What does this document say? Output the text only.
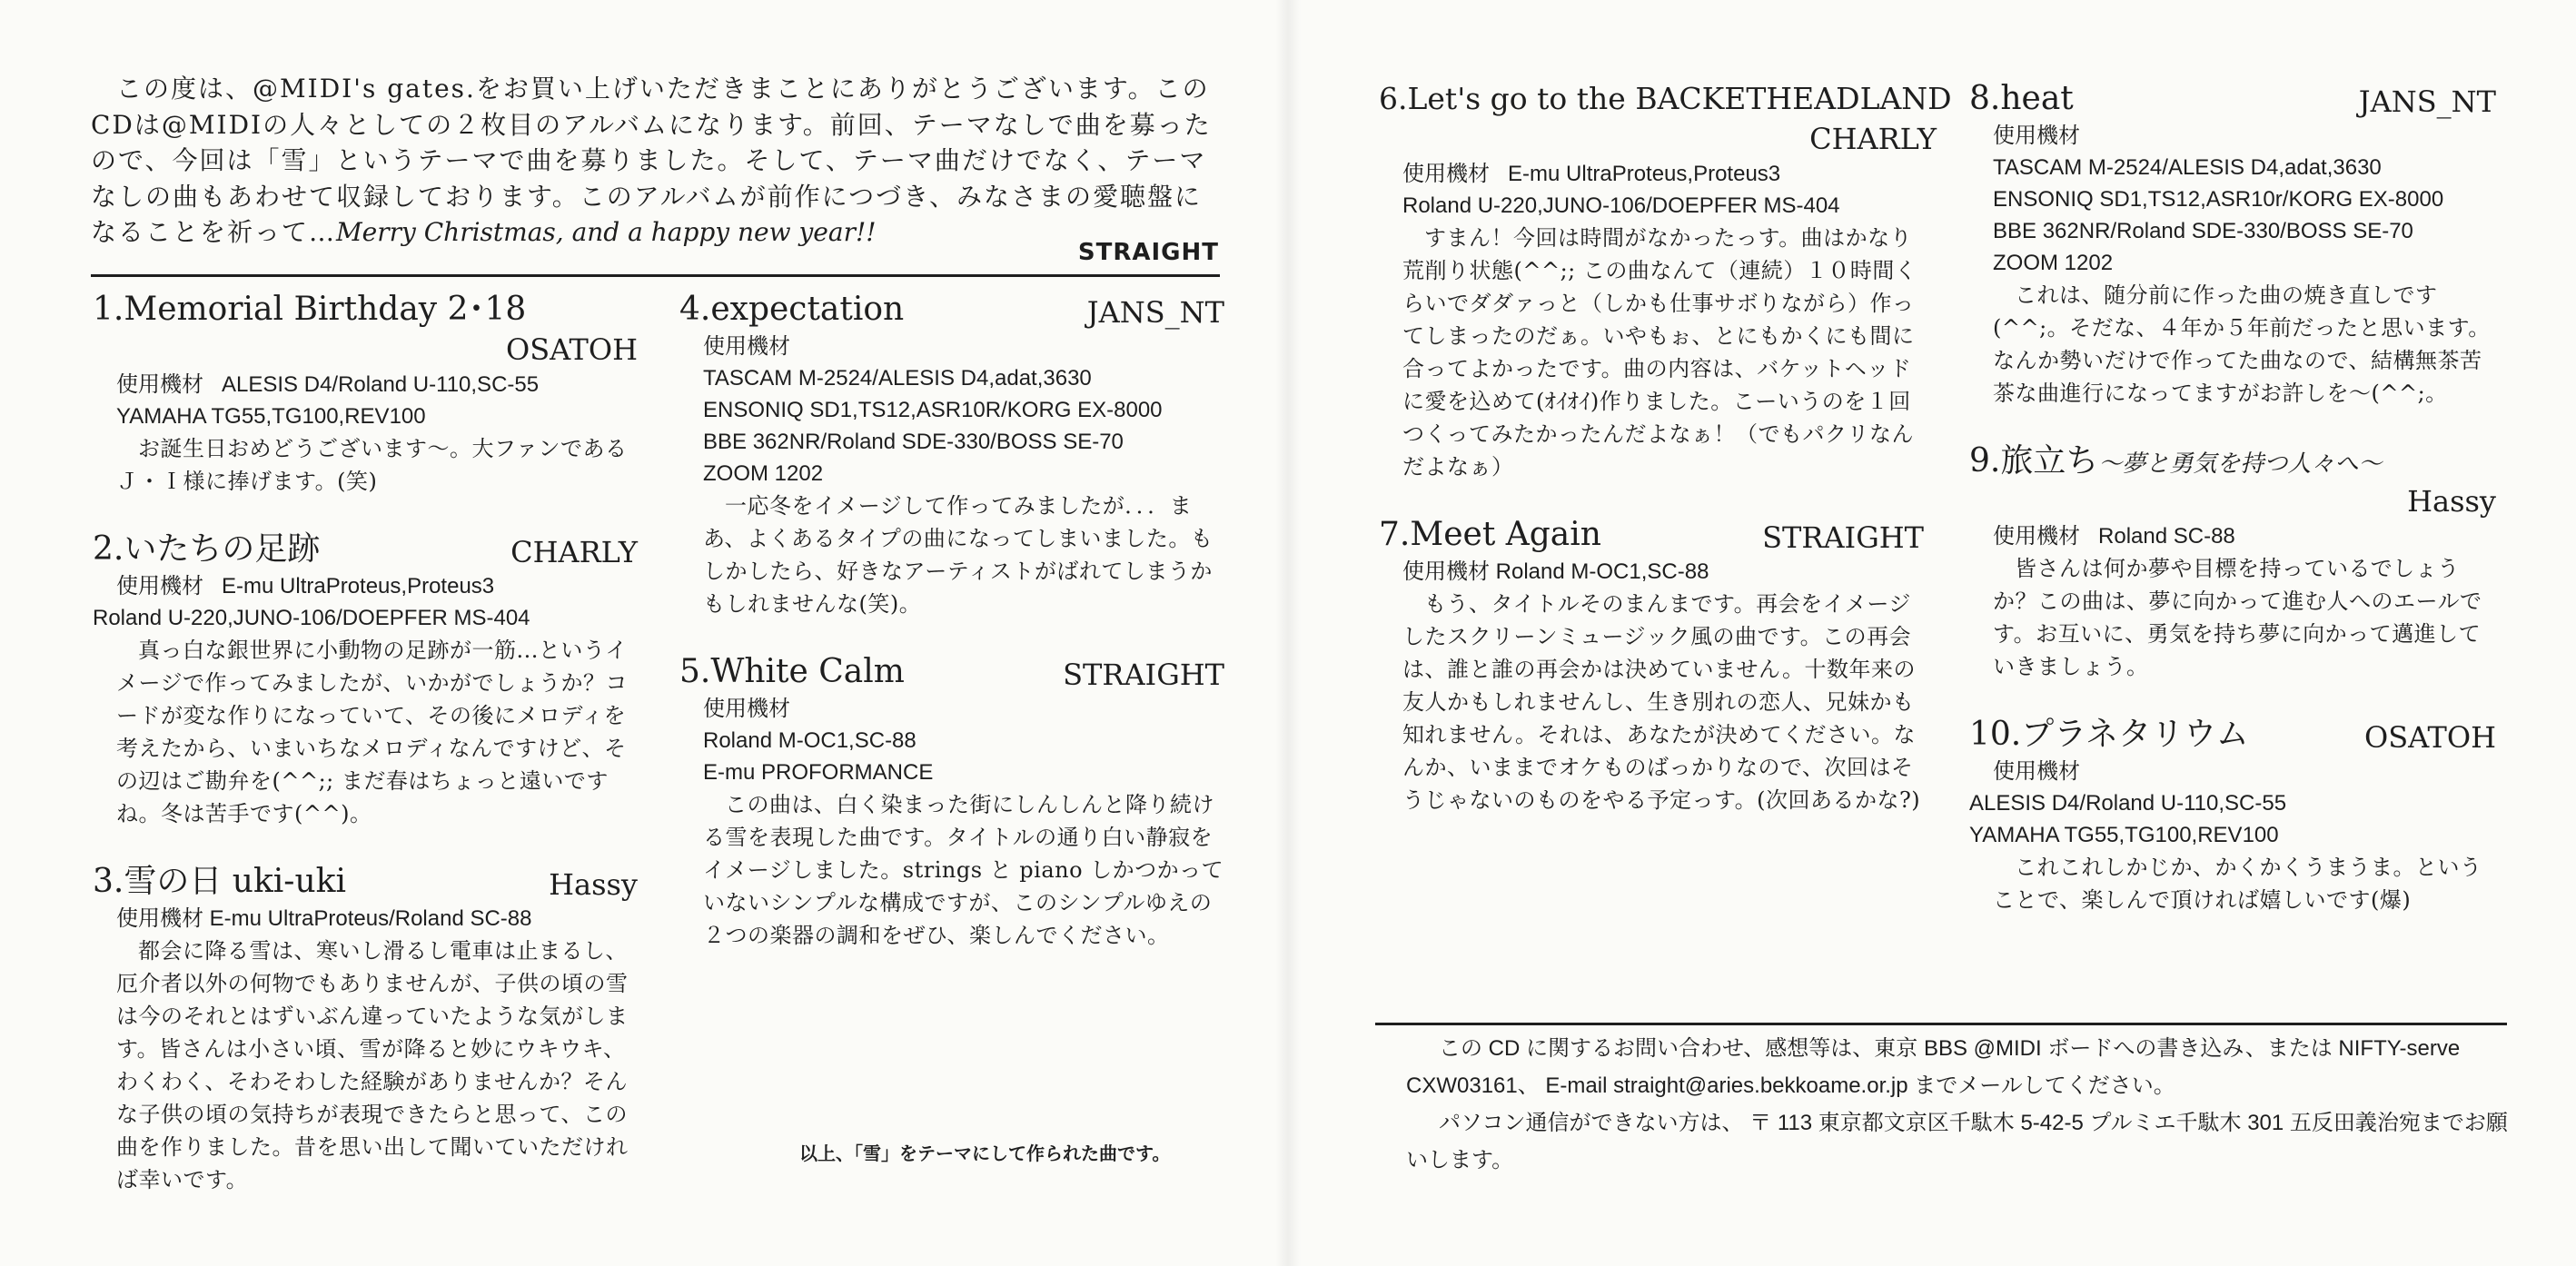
この度は、@MIDI's gates.をお買い上げいただきまことにありがとうございます。このCDは@MIDIの人々としての２枚目のアルバムになります。前回、テーマなしで曲を募ったので、今回は「雪」というテーマで曲を募りました。そして、テーマ曲だけでなく、テーマなしの曲もあわせて収録しております。このアルバムが前作につづき、みなさまの愛聴盤になることを祈って…Merry Christmas, and a happy new year!!

STRAIGHT
1.Memorial Birthday 2･18
OSATOH
使用機材 ALESIS D4/Roland U-110,SC-55
YAMAHA TG55,TG100,REV100

お誕生日おめどうございます～。大ファンであるＪ・Ｉ様に捧げます。(笑)

2.いたちの足跡	CHARLY
使用機材 E-mu UltraProteus,Proteus3
Roland U-220,JUNO-106/DOEPFER MS-404

真っ白な銀世界に小動物の足跡が一筋...というイメージで作ってみましたが、いかがでしょうか？コードが変な作りになっていて、その後にメロディを考えたから、いまいちなメロディなんですけど、その辺はご勘弁を(^^;; まだ春はちょっと遠いですね。冬は苦手です(^^)。

3.雪の日 uki-uki	Hassy
使用機材 E-mu UltraProteus/Roland SC-88

都会に降る雪は、寒いし滑るし電車は止まるし、厄介者以外の何物でもありませんが、子供の頃の雪は今のそれとはずいぶん違っていたような気がします。皆さんは小さい頃、雪が降ると妙にウキウキ、わくわく、そわそわした経験がありませんか？そんな子供の頃の気持ちが表現できたらと思って、この曲を作りました。昔を思い出して聞いていただければ幸いです。

4.expectation	JANS_NT
使用機材
TASCAM M-2524/ALESIS D4,adat,3630
ENSONIQ SD1,TS12,ASR10R/KORG EX-8000
BBE 362NR/Roland SDE-330/BOSS SE-70
ZOOM 1202

一応冬をイメージして作ってみましたが．．．まあ、よくあるタイプの曲になってしまいました。もしかしたら、好きなアーティストがばれてしまうかもしれませんな(笑)。

5.White Calm	STRAIGHT
使用機材
Roland M-OC1,SC-88
E-mu PROFORMANCE

この曲は、白く染まった街にしんしんと降り続ける雪を表現した曲です。タイトルの通り白い静寂をイメージしました。strings と piano しかつかっていないシンプルな構成ですが、このシンプルゆえの２つの楽器の調和をぜひ、楽しんでください。

以上、「雪」をテーマにして作られた曲です。
6.Let's go to the BACKETHEADLAND
CHARLY
使用機材 E-mu UltraProteus,Proteus3
Roland U-220,JUNO-106/DOEPFER MS-404

すまん！今回は時間がなかったっす。曲はかなり荒削り状態(^^;; この曲なんて（連続）１０時間くらいでダダァっと（しかも仕事サボりながら）作ってしまったのだぁ。いやもぉ、とにもかくにも間に合ってよかったです。曲の内容は、バケットヘッドに愛を込めて(ｵｲｵｲ)作りました。こーいうのを１回つくってみたかったんだよなぁ！（でもパクリなんだよなぁ）

7.Meet Again	STRAIGHT
使用機材 Roland M-OC1,SC-88

もう、タイトルそのまんまです。再会をイメージしたスクリーンミュージック風の曲です。この再会は、誰と誰の再会かは決めていません。十数年来の友人かもしれませんし、生き別れの恋人、兄妹かも知れません。それは、あなたが決めてください。なんか、いままでオケものばっかりなので、次回はそうじゃないのものをやる予定っす。(次回あるかな?)

8.heat	JANS_NT
使用機材
TASCAM M-2524/ALESIS D4,adat,3630
ENSONIQ SD1,TS12,ASR10r/KORG EX-8000
BBE 362NR/Roland SDE-330/BOSS SE-70
ZOOM 1202

これは、随分前に作った曲の焼き直しです(^^;。そだな、４年か５年前だったと思います。なんか勢いだけで作ってた曲なので、結構無茶苦茶な曲進行になってますがお許しを～(^^;。

9.旅立ち～夢と勇気を持つ人々へ～
Hassy
使用機材 Roland SC-88

皆さんは何か夢や目標を持っているでしょうか？この曲は、夢に向かって進む人へのエールです。お互いに、勇気を持ち夢に向かって邁進していきましょう。

10.プラネタリウム	OSATOH
使用機材
ALESIS D4/Roland U-110,SC-55
YAMAHA TG55,TG100,REV100

これこれしかじか、かくかくうまうま。ということで、楽しんで頂ければ嬉しいです(爆)

この CD に関するお問い合わせ、感想等は、東京 BBS @MIDI ボードへの書き込み、または NIFTY-serve CXW03161、 E-mail straight@aries.bekkoame.or.jp までメールしてください。

パソコン通信ができない方は、 〒 113 東京都文京区千駄木 5-42-5 プルミエ千駄木 301 五反田義治宛までお願いします。
